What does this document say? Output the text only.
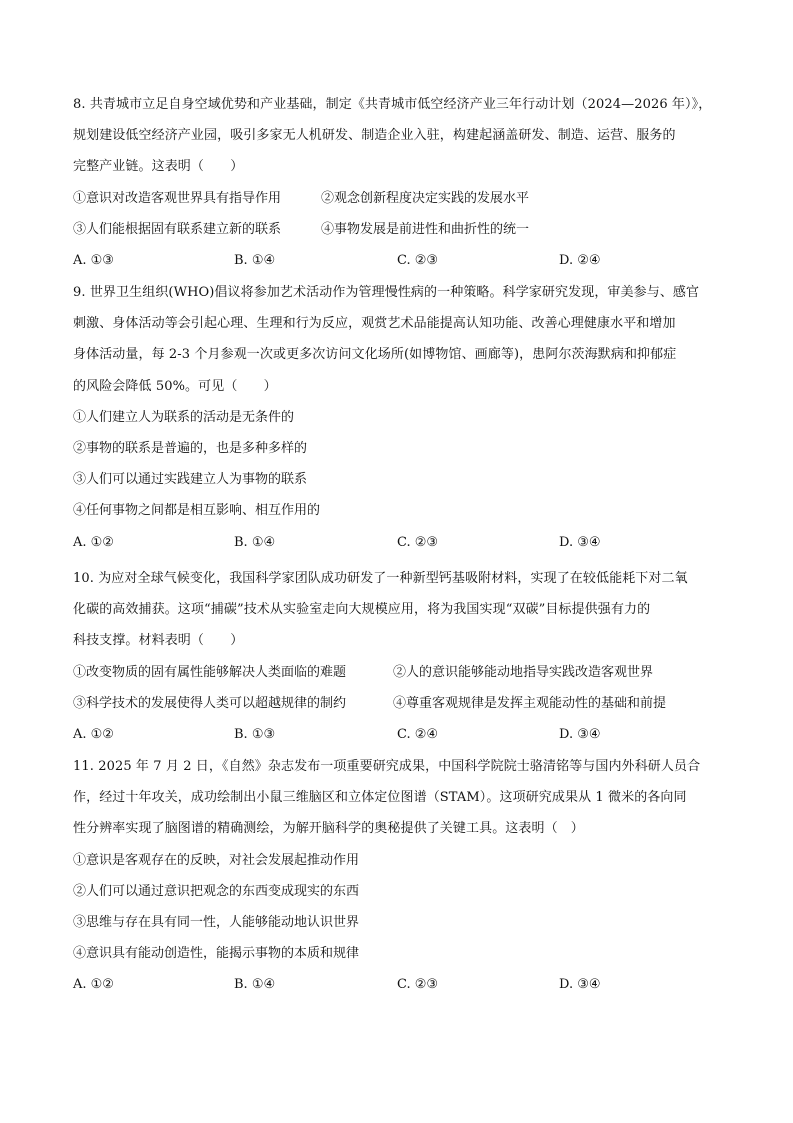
8. 共青城市立足自身空域优势和产业基础，制定《共青城市低空经济产业三年行动计划（2024—2026 年）》，
规划建设低空经济产业园，吸引多家无人机研发、制造企业入驻，构建起涵盖研发、制造、运营、服务的
完整产业链。这表明（　　）
①意识对改造客观世界具有指导作用	②观念创新程度决定实践的发展水平
③人们能根据固有联系建立新的联系	④事物发展是前进性和曲折性的统一
A. ①③	B. ①④	C. ②③	D. ②④
9. 世界卫生组织(WHO)倡议将参加艺术活动作为管理慢性病的一种策略。科学家研究发现，审美参与、感官
刺激、身体活动等会引起心理、生理和行为反应，观赏艺术品能提高认知功能、改善心理健康水平和增加
身体活动量，每 2-3 个月参观一次或更多次访问文化场所(如博物馆、画廊等)，患阿尔茨海默病和抑郁症
的风险会降低 50%。可见（　　）
①人们建立人为联系的活动是无条件的
②事物的联系是普遍的，也是多种多样的
③人们可以通过实践建立人为事物的联系
④任何事物之间都是相互影响、相互作用的
A. ①②	B. ①④	C. ②③	D. ③④
10. 为应对全球气候变化，我国科学家团队成功研发了一种新型钙基吸附材料，实现了在较低能耗下对二氧
化碳的高效捕获。这项“捕碳”技术从实验室走向大规模应用，将为我国实现“双碳”目标提供强有力的
科技支撑。材料表明（　　）
①改变物质的固有属性能够解决人类面临的难题	②人的意识能够能动地指导实践改造客观世界
③科学技术的发展使得人类可以超越规律的制约	④尊重客观规律是发挥主观能动性的基础和前提
A. ①②	B. ①③	C. ②④	D. ③④
11. 2025 年 7 月 2 日，《自然》杂志发布一项重要研究成果，中国科学院院士骆清铭等与国内外科研人员合
作，经过十年攻关，成功绘制出小鼠三维脑区和立体定位图谱（STAM）。这项研究成果从 1 微米的各向同
性分辨率实现了脑图谱的精确测绘，为解开脑科学的奥秘提供了关键工具。这表明（　）
①意识是客观存在的反映，对社会发展起推动作用
②人们可以通过意识把观念的东西变成现实的东西
③思维与存在具有同一性，人能够能动地认识世界
④意识具有能动创造性，能揭示事物的本质和规律
A. ①②	B. ①④	C. ②③	D. ③④
